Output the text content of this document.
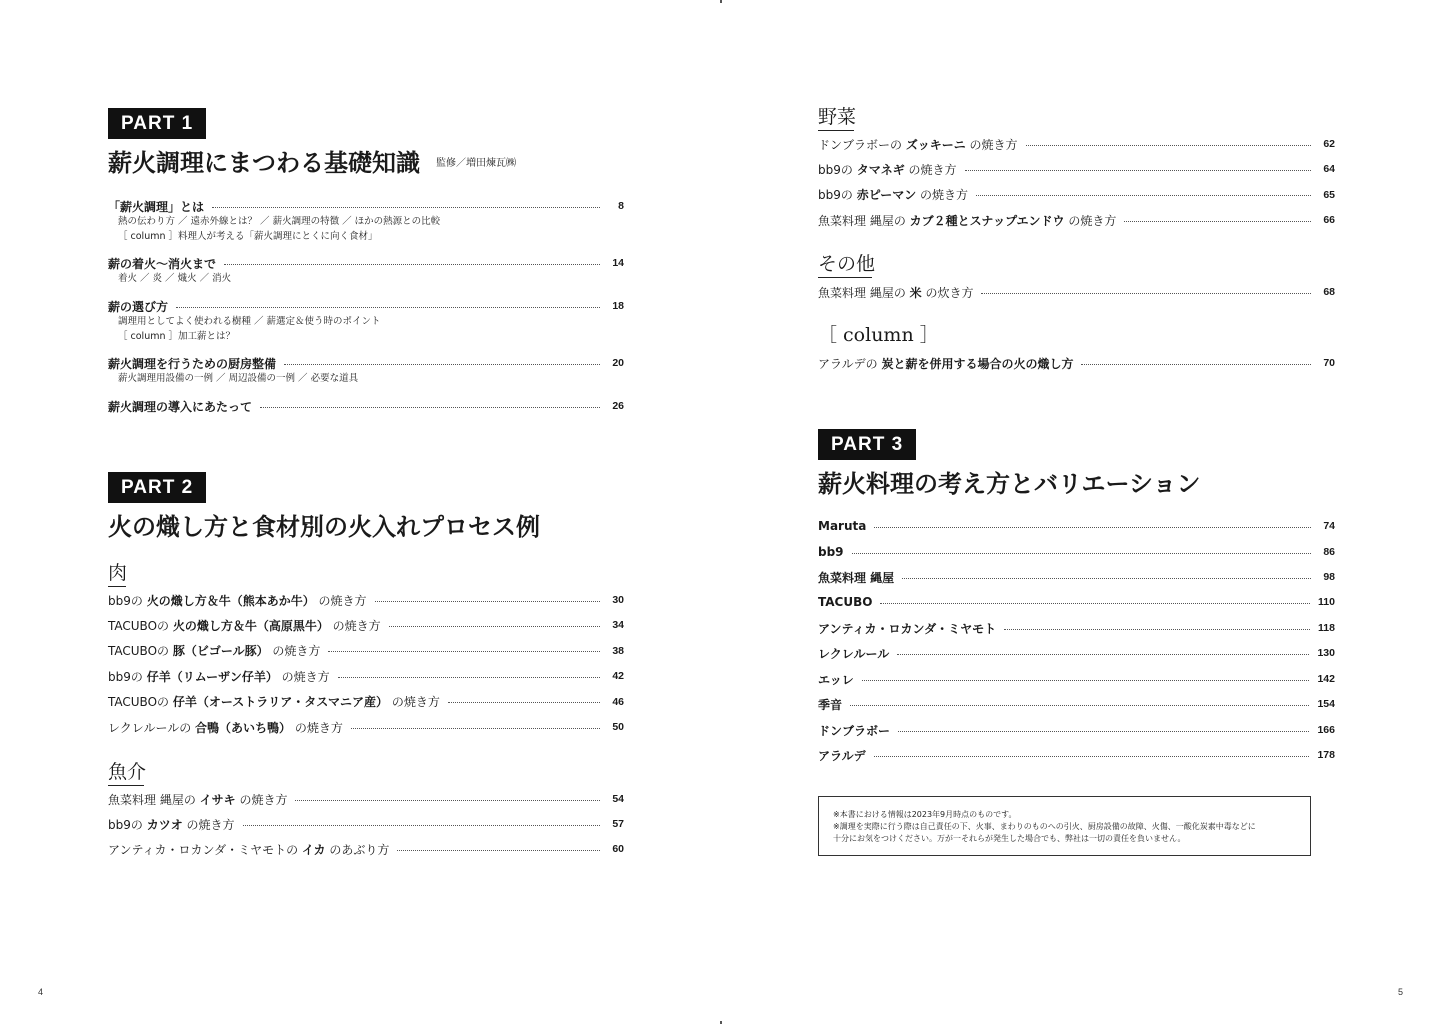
PART 1
薪火調理にまつわる基礎知識 監修／増田煉瓦㈱
「薪火調理」とは	8
熱の伝わり方 ／ 遠赤外線とは？ ／ 薪火調理の特徴 ／ ほかの熱源との比較
［ column ］料理人が考える「薪火調理にとくに向く食材」
薪の着火〜消火まで	14
着火 ／ 炎 ／ 熾火 ／ 消火
薪の選び方	18
調理用としてよく使われる樹種 ／ 薪選定＆使う時のポイント
［ column ］加工薪とは？
薪火調理を行うための厨房整備	20
薪火調理用設備の一例 ／ 周辺設備の一例 ／ 必要な道具
薪火調理の導入にあたって	26
PART 2
火の熾し方と食材別の火入れプロセス例
肉
bb9の 火の熾し方＆牛（熊本あか牛） の焼き方	30
TACUBOの 火の熾し方＆牛（高原黒牛） の焼き方	34
TACUBOの 豚（ビゴール豚） の焼き方	38
bb9の 仔羊（リムーザン仔羊） の焼き方	42
TACUBOの 仔羊（オーストラリア・タスマニア産） の焼き方	46
レクレルールの 合鴨（あいち鴨） の焼き方	50
魚介
魚菜料理 縄屋の イサキ の焼き方	54
bb9の カツオ の焼き方	57
アンティカ・ロカンダ・ミヤモトの イカ のあぶり方	60
野菜
ドンブラボーの ズッキーニ の焼き方	62
bb9の タマネギ の焼き方	64
bb9の 赤ピーマン の焼き方	65
魚菜料理 縄屋の カブ２種とスナップエンドウ の焼き方	66
その他
魚菜料理 縄屋の 米 の炊き方	68
［ column ］
アラルデの 炭と薪を併用する場合の火の熾し方	70
PART 3
薪火料理の考え方とバリエーション
Maruta	74
bb9	86
魚菜料理 縄屋	98
TACUBO	110
アンティカ・ロカンダ・ミヤモト	118
レクレルール	130
エッレ	142
季音	154
ドンブラボー	166
アラルデ	178
※本書における情報は2023年9月時点のものです。
※調理を実際に行う際は自己責任の下、火事、まわりのものへの引火、厨房設備の故障、火傷、一酸化炭素中毒などに
十分にお気をつけください。万が一それらが発生した場合でも、弊社は一切の責任を負いません。
4	5
